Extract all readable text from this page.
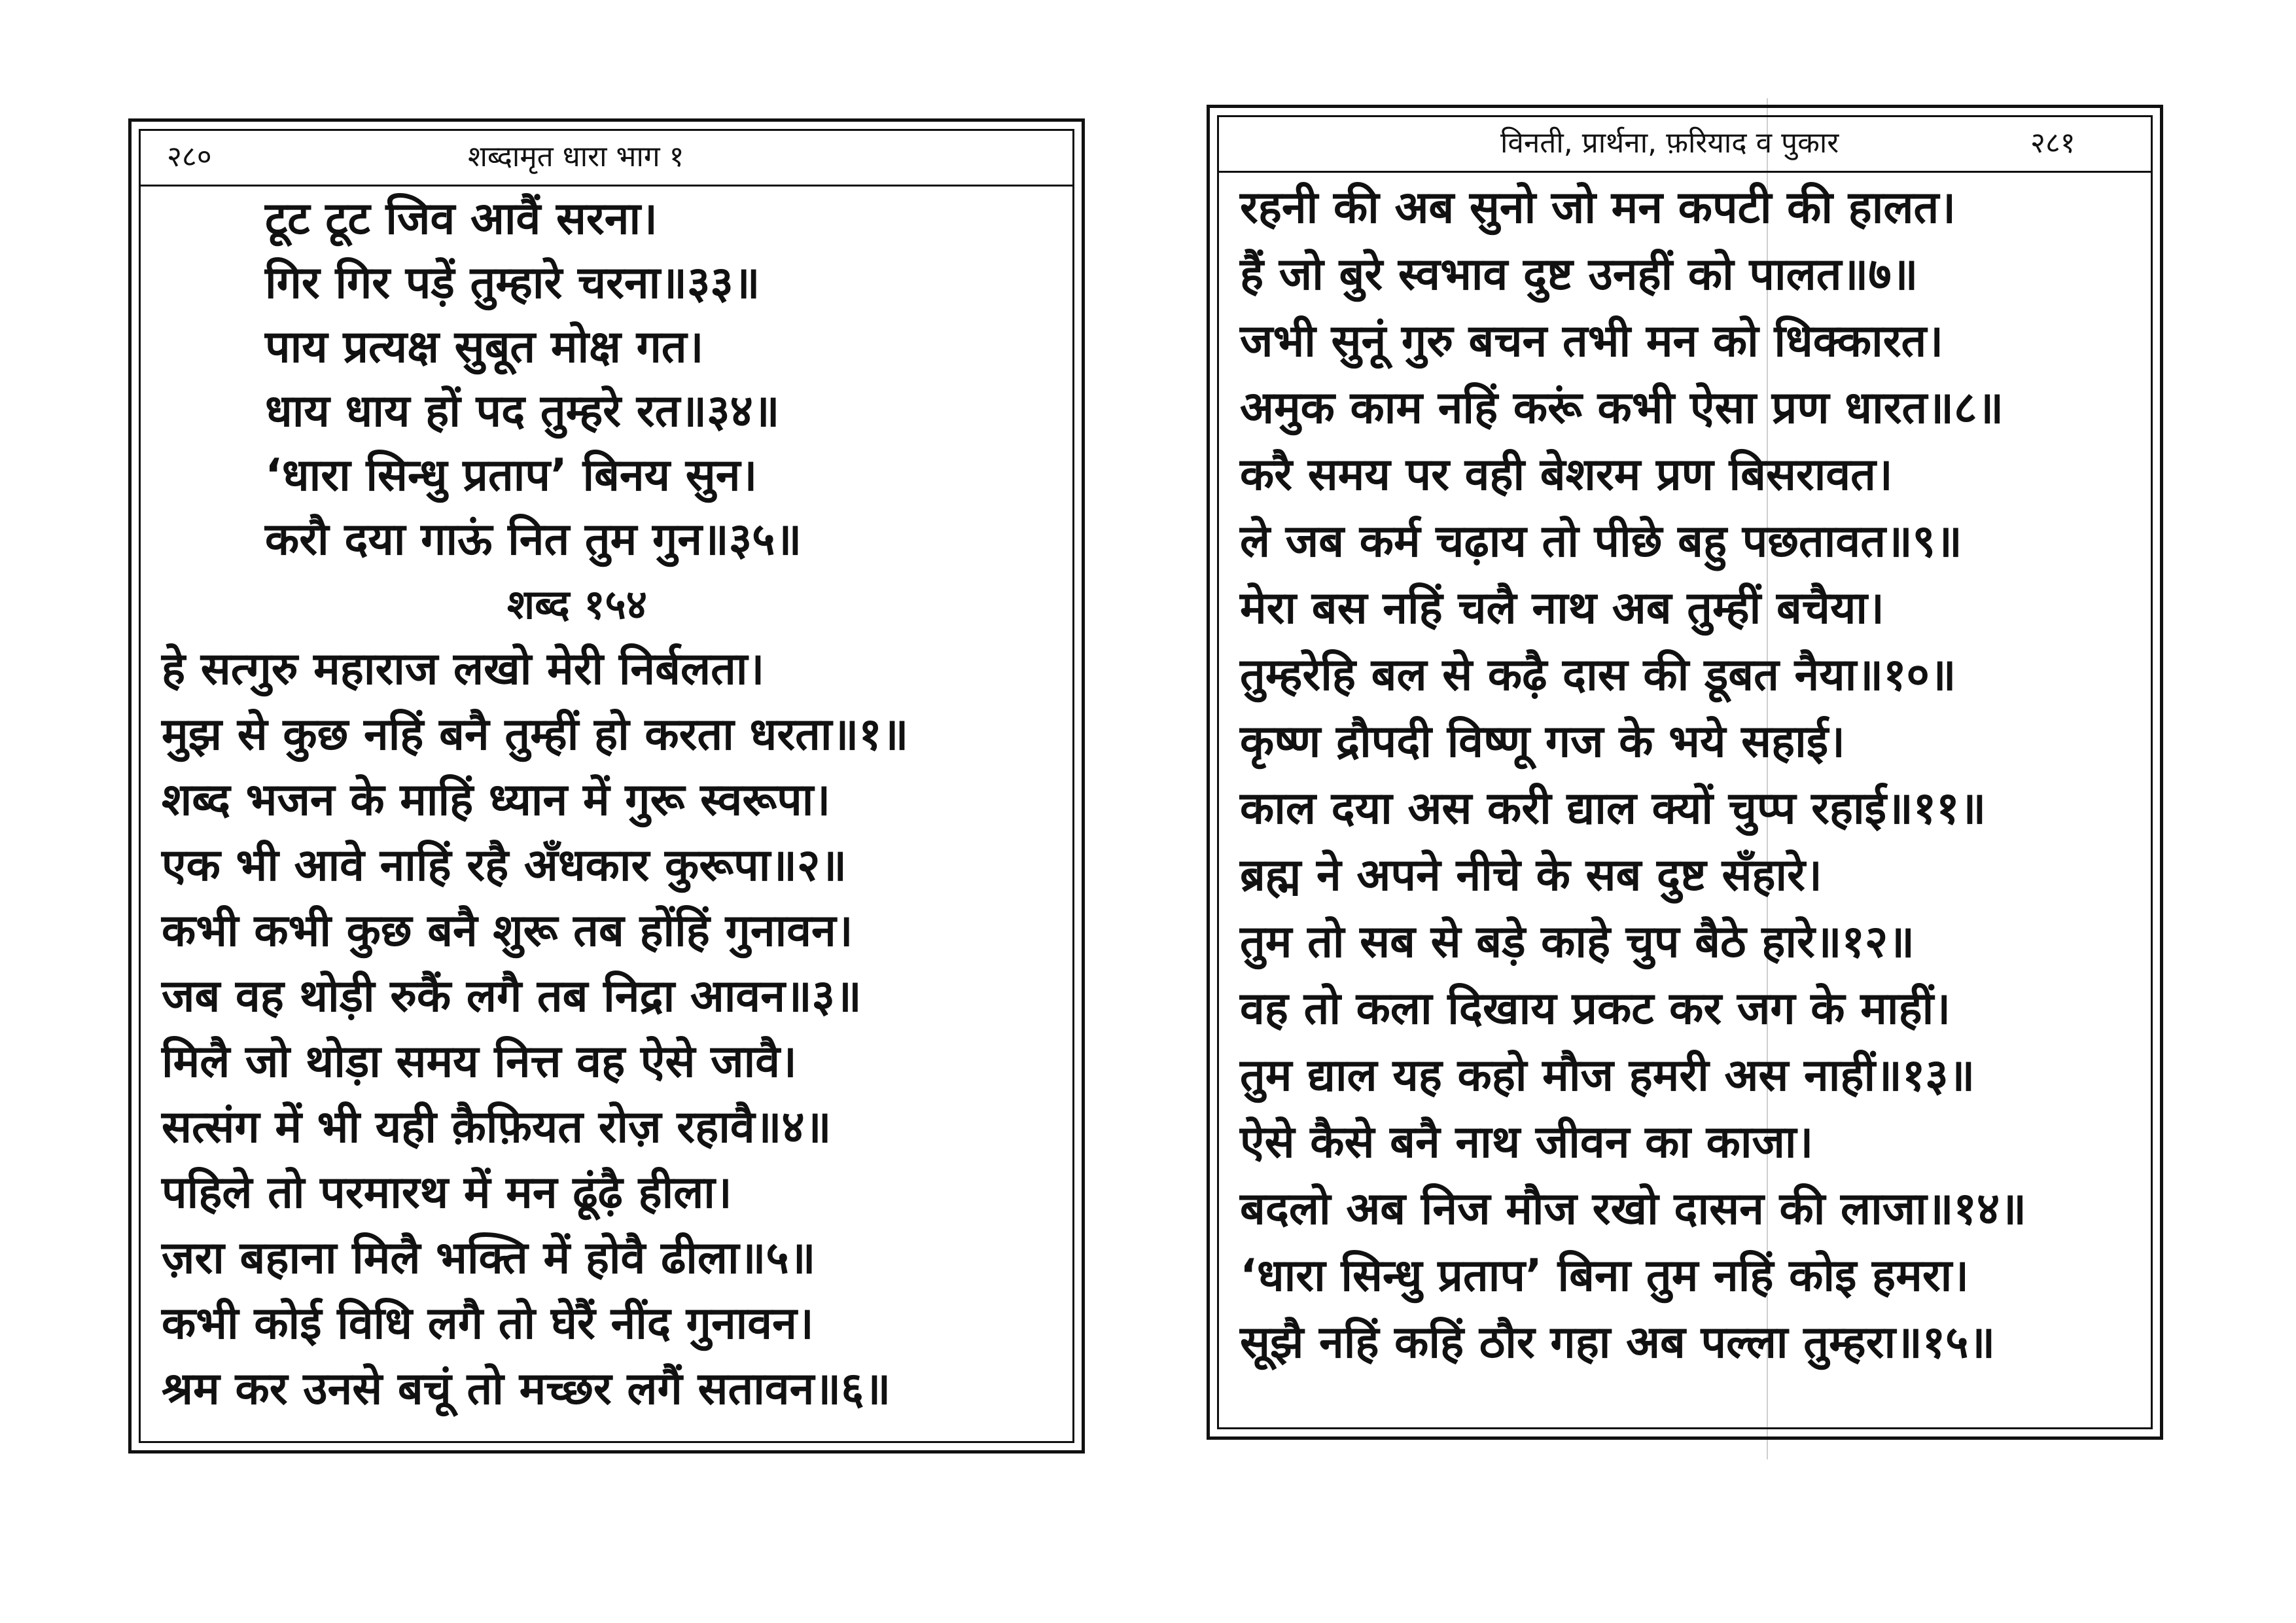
२८०	शब्दामृत धारा भाग १
टूट टूट जिव आवैं सरना।
गिर गिर पड़ें तुम्हारे चरना॥३३॥
पाय प्रत्यक्ष सुबूत मोक्ष गत।
धाय धाय हों पद तुम्हरे रत॥३४॥
‘धारा सिन्धु प्रताप’ बिनय सुन।
करौ दया गाऊं नित तुम गुन॥३५॥
शब्द १५४
हे सत्गुरु महाराज लखो मेरी निर्बलता।
मुझ से कुछ नहिं बनै तुम्हीं हो करता धरता॥१॥
शब्द भजन के माहिं ध्यान में गुरू स्वरूपा।
एक भी आवे नाहिं रहै अँधकार कुरूपा॥२॥
कभी कभी कुछ बनै शुरू तब होंहिं गुनावन।
जब वह थोड़ी रुकैं लगै तब निद्रा आवन॥३॥
मिलै जो थोड़ा समय नित्त वह ऐसे जावै।
सत्संग में भी यही क़ैफ़ियत रोज़ रहावै॥४॥
पहिले तो परमारथ में मन ढूंढ़ै हीला।
ज़रा बहाना मिलै भक्ति में होवै ढीला॥५॥
कभी कोई विधि लगै तो घेरैं नींद गुनावन।
श्रम कर उनसे बचूं तो मच्छर लगैं सतावन॥६॥
विनती, प्रार्थना, फ़रियाद व पुकार	२८१
रहनी की अब सुनो जो मन कपटी की हालत।
हैं जो बुरे स्वभाव दुष्ट उनहीं को पालत॥७॥
जभी सुनूं गुरु बचन तभी मन को धिक्कारत।
अमुक काम नहिं करूं कभी ऐसा प्रण धारत॥८॥
करै समय पर वही बेशरम प्रण बिसरावत।
ले जब कर्म चढ़ाय तो पीछे बहु पछतावत॥९॥
मेरा बस नहिं चलै नाथ अब तुम्हीं बचैया।
तुम्हरेहि बल से कढ़ै दास की डूबत नैया॥१०॥
कृष्ण द्रौपदी विष्णू गज के भये सहाई।
काल दया अस करी द्याल क्यों चुप्प रहाई॥११॥
ब्रह्म ने अपने नीचे के सब दुष्ट सँहारे।
तुम तो सब से बड़े काहे चुप बैठे हारे॥१२॥
वह तो कला दिखाय प्रकट कर जग के माहीं।
तुम द्याल यह कहो मौज हमरी अस नाहीं॥१३॥
ऐसे कैसे बनै नाथ जीवन का काजा।
बदलो अब निज मौज रखो दासन की लाजा॥१४॥
‘धारा सिन्धु प्रताप’ बिना तुम नहिं कोइ हमरा।
सूझै नहिं कहिं ठौर गहा अब पल्ला तुम्हरा॥१५॥
